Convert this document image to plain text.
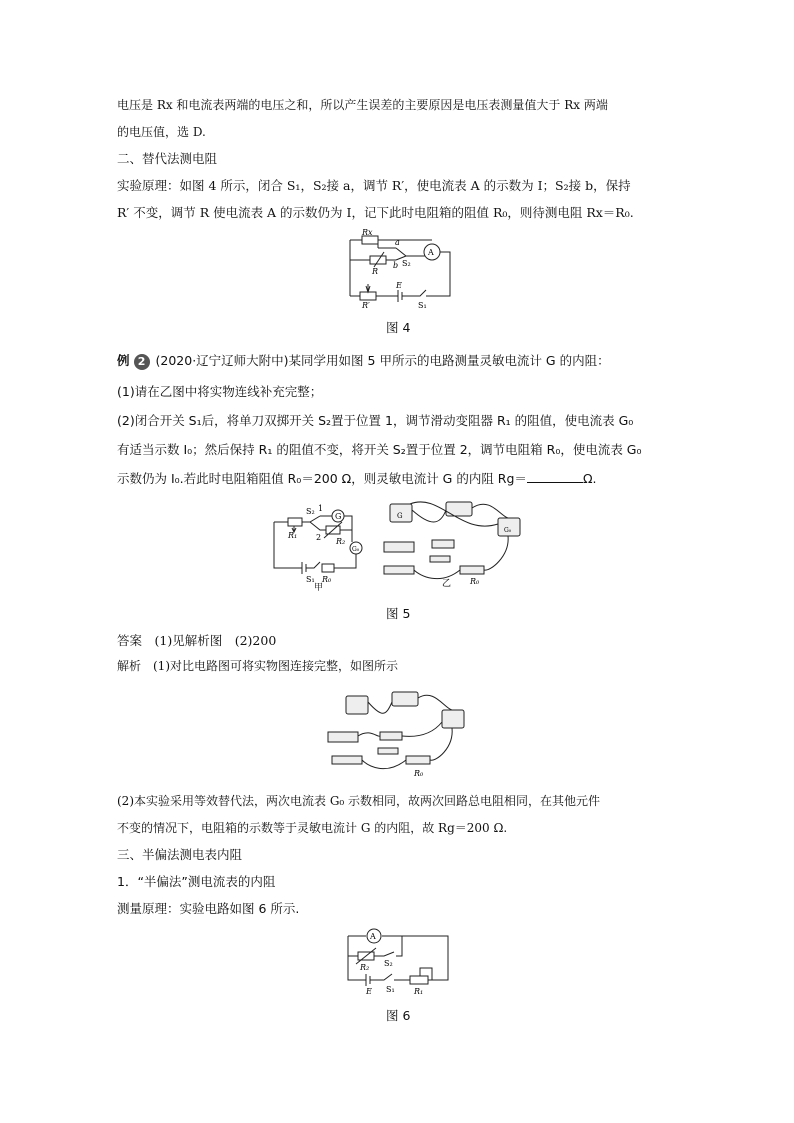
电压是 Rx 和电流表两端的电压之和，所以产生误差的主要原因是电压表测量值大于 Rx 两端
的电压值，选 D.
二、替代法测电阻
实验原理：如图 4 所示，闭合 S₁，S₂接 a，调节 R′，使电流表 A 的示数为 I；S₂接 b，保持
R′ 不变，调节 R 使电流表 A 的示数仍为 I，记下此时电阻箱的阻值 R₀，则待测电阻 Rx＝R₀.
Rx
R
R′
a
b S₂
A
E
S₁
图 4
例 2 (2020·辽宁辽师大附中)某同学用如图 5 甲所示的电路测量灵敏电流计 G 的内阻：
(1)请在乙图中将实物连线补充完整；
(2)闭合开关 S₁后，将单刀双掷开关 S₂置于位置 1，调节滑动变阻器 R₁ 的阻值，使电流表 G₀
有适当示数 I₀；然后保持 R₁ 的阻值不变，将开关 S₂置于位置 2，调节电阻箱 R₀，使电流表 G₀
示数仍为 I₀.若此时电阻箱阻值 R₀＝200 Ω，则灵敏电流计 G 的内阻 Rg＝	Ω.
S₂ 1
2
G
R₁
R₂
G₀
S₁ R₀
甲
G
G₀
乙 R₀
图 5
答案　(1)见解析图　(2)200
解析　(1)对比电路图可将实物图连接完整，如图所示
R₀
(2)本实验采用等效替代法，两次电流表 G₀ 示数相同，故两次回路总电阻相同，在其他元件
不变的情况下，电阻箱的示数等于灵敏电流计 G 的内阻，故 Rg＝200 Ω.
三、半偏法测电表内阻
1．“半偏法”测电流表的内阻
测量原理：实验电路如图 6 所示.
A
R₂ S₂
E S₁ R₁
图 6
